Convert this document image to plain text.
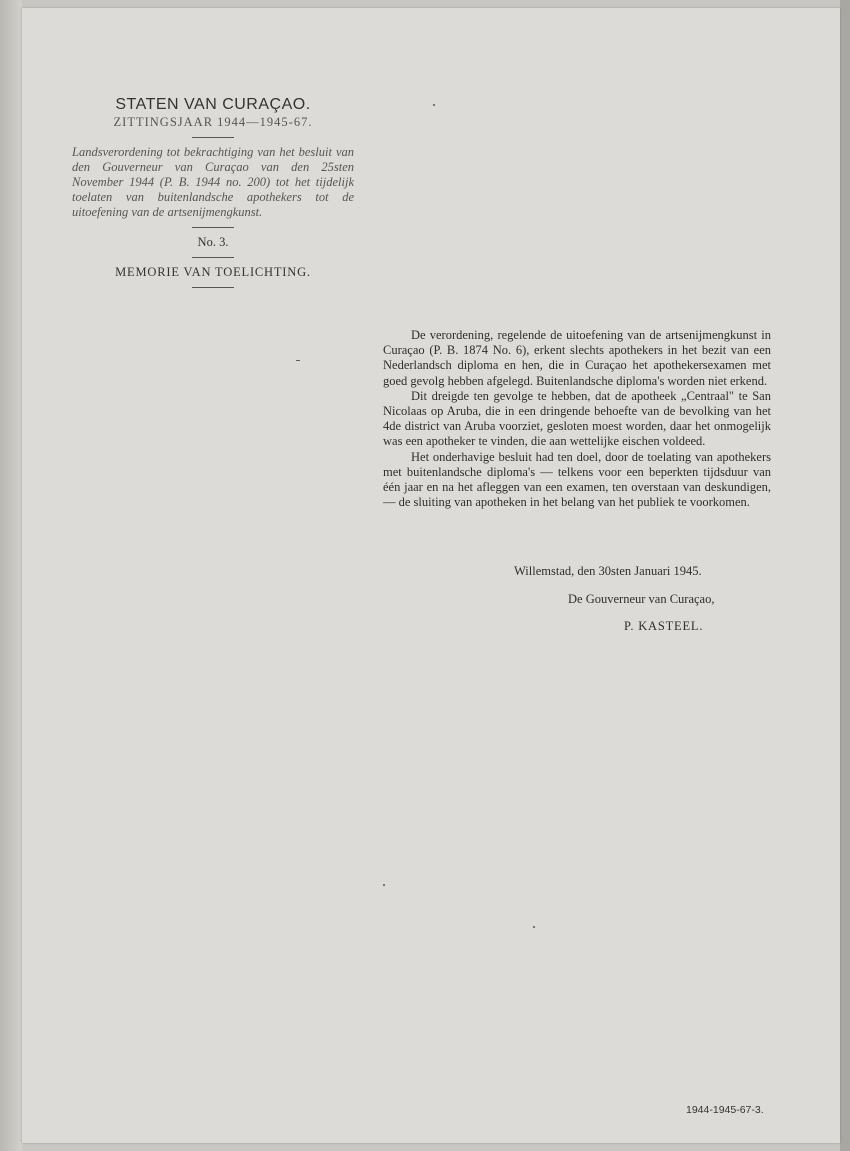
STATEN VAN CURAÇAO.
ZITTINGSJAAR 1944—1945-67.
Landsverordening tot bekrachtiging van het besluit van den Gouverneur van Curaçao van den 25sten November 1944 (P. B. 1944 no. 200) tot het tijdelijk toelaten van buitenlandsche apothekers tot de uitoefening van de artsenijmengkunst.
No. 3.
MEMORIE VAN TOELICHTING.

De verordening, regelende de uitoefening van de artsenijmengkunst in Curaçao (P. B. 1874 No. 6), erkent slechts apothekers in het bezit van een Nederlandsch diploma en hen, die in Curaçao het apothekersexamen met goed gevolg hebben afgelegd. Buitenlandsche diploma's worden niet erkend.

Dit dreigde ten gevolge te hebben, dat de apotheek „Centraal" te San Nicolaas op Aruba, die in een dringende behoefte van de bevolking van het 4de district van Aruba voorziet, gesloten moest worden, daar het onmogelijk was een apotheker te vinden, die aan wettelijke eischen voldeed.

Het onderhavige besluit had ten doel, door de toelating van apothekers met buitenlandsche diploma's — telkens voor een beperkten tijdsduur van één jaar en na het afleggen van een examen, ten overstaan van deskundigen, — de sluiting van apotheken in het belang van het publiek te voorkomen.

Willemstad, den 30sten Januari 1945.
De Gouverneur van Curaçao,
P. KASTEEL.
1944-1945-67-3.
